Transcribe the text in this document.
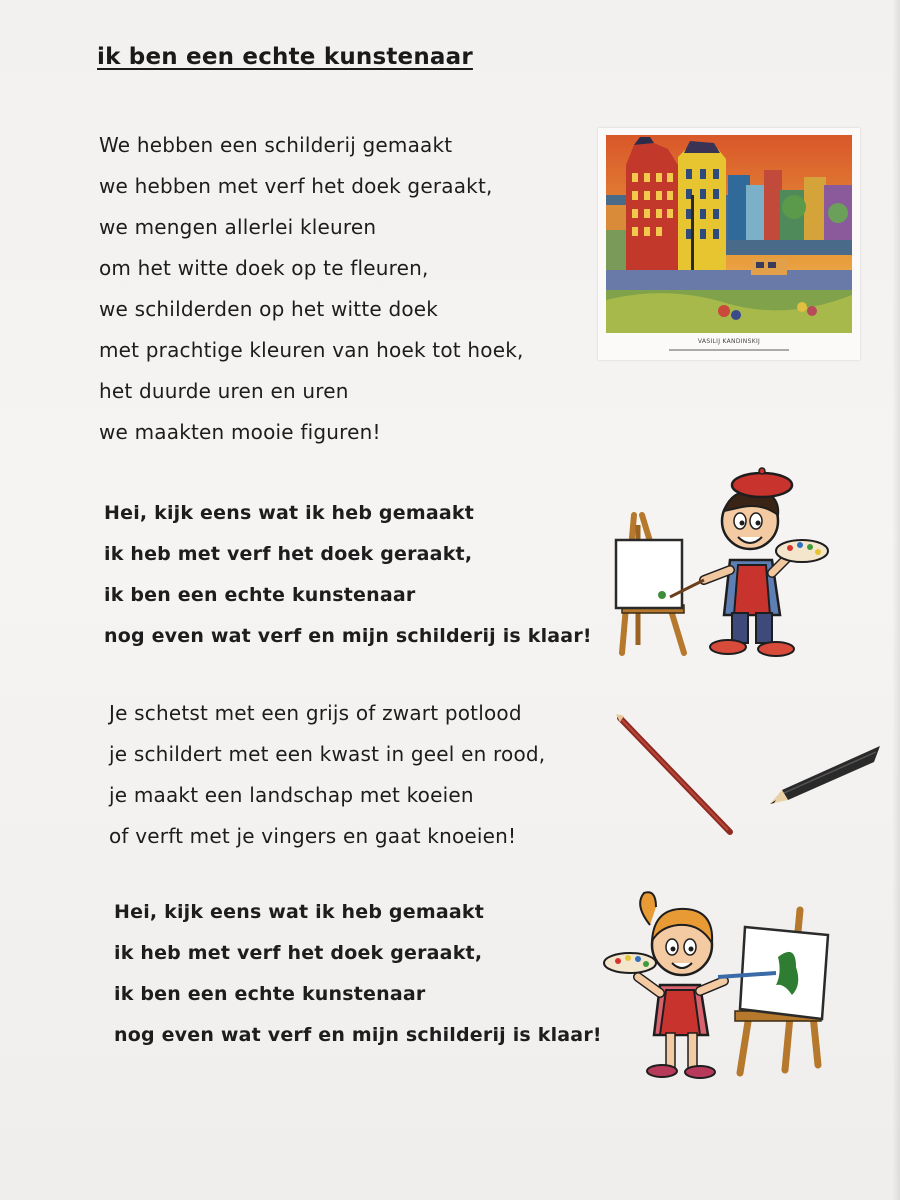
ik ben een echte kunstenaar
We hebben een schilderij gemaakt
we hebben met verf het doek geraakt,
we mengen allerlei kleuren
om het witte doek op te fleuren,
we schilderden op het witte doek
met prachtige kleuren van hoek tot hoek,
het duurde uren en uren
we maakten mooie figuren!
Hei, kijk eens wat ik heb gemaakt
ik heb met verf het doek geraakt,
ik ben een echte kunstenaar
nog even wat verf en mijn schilderij is klaar!
Je schetst met een grijs of zwart potlood
je schildert met een kwast in geel en rood,
je maakt een landschap met koeien
of verft met je vingers en gaat knoeien!
Hei, kijk eens wat ik heb gemaakt
ik heb met verf het doek geraakt,
ik ben een echte kunstenaar
nog even wat verf en mijn schilderij is klaar!
VASILIJ KANDINSKIJ
